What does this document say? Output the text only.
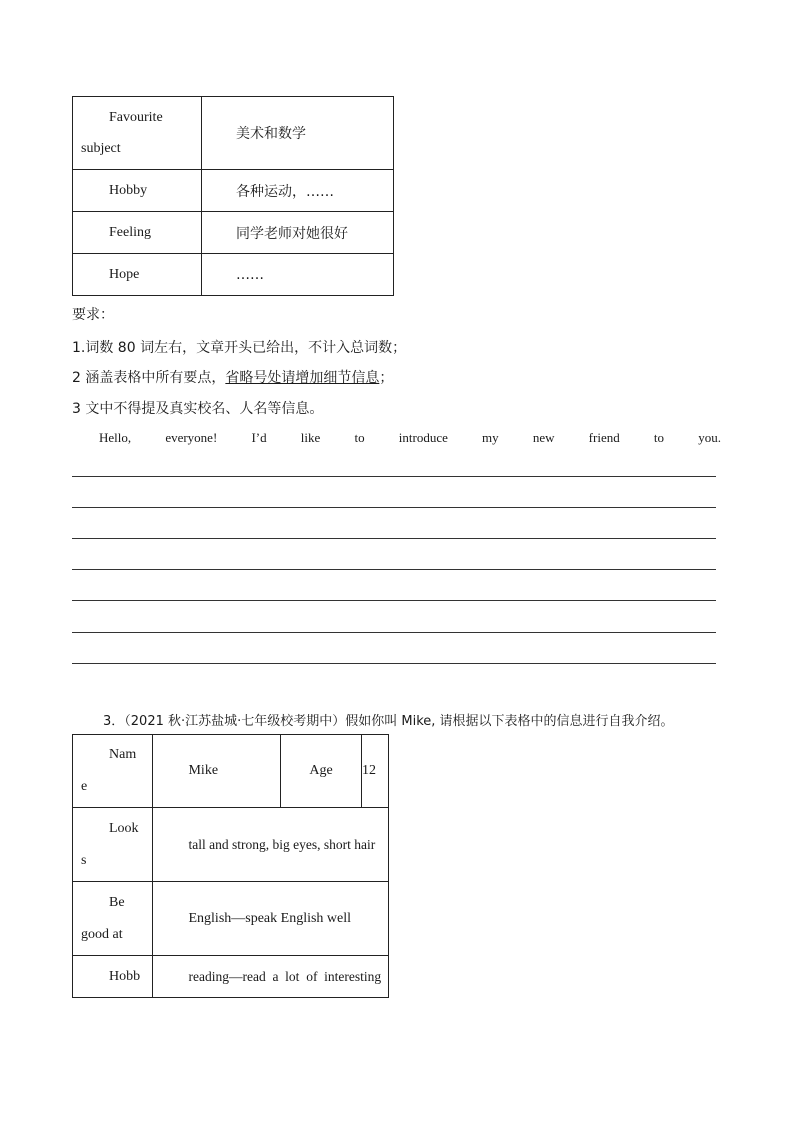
Favourite
subject	美术和数学
Hobby	各种运动，……
Feeling	同学老师对她很好
Hope	……
要求：
1.词数 80 词左右，文章开头已给出，不计入总词数；
2 涵盖表格中所有要点，省略号处请增加细节信息；
3 文中不得提及真实校名、人名等信息。
Hello,	everyone!	I’d	like	to	introduce	my	new	friend	to	you.
3．（2021 秋·江苏盐城·七年级校考期中）假如你叫 Mike, 请根据以下表格中的信息进行自我介绍。
Nam
e	Mike	Age	12

Look
s	tall and strong, big eyes, short hair		

Be
good at	English—speak English well		
Hobb	reading—read  a  lot  of  interesting		
